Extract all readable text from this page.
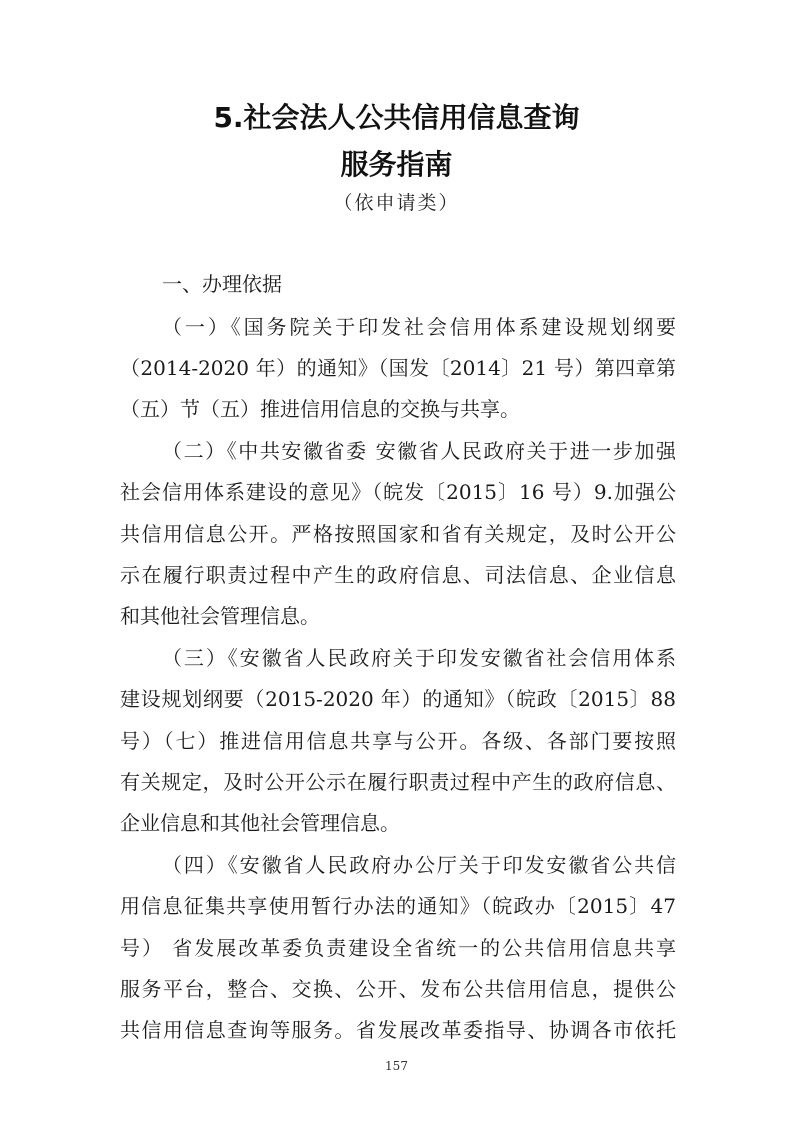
5.社会法人公共信用信息查询
服务指南
（依申请类）
一、办理依据
（一）《国务院关于印发社会信用体系建设规划纲要
（2014-2020 年）的通知》（国发〔2014〕21 号）第四章第
（五）节（五）推进信用信息的交换与共享。
（二）《中共安徽省委 安徽省人民政府关于进一步加强
社会信用体系建设的意见》（皖发〔2015〕16 号）9.加强公
共信用信息公开。严格按照国家和省有关规定，及时公开公
示在履行职责过程中产生的政府信息、司法信息、企业信息
和其他社会管理信息。
（三）《安徽省人民政府关于印发安徽省社会信用体系
建设规划纲要（2015-2020 年）的通知》（皖政〔2015〕88
号）（七）推进信用信息共享与公开。各级、各部门要按照
有关规定，及时公开公示在履行职责过程中产生的政府信息、
企业信息和其他社会管理信息。
（四）《安徽省人民政府办公厅关于印发安徽省公共信
用信息征集共享使用暂行办法的通知》（皖政办〔2015〕47
号） 省发展改革委负责建设全省统一的公共信用信息共享
服务平台，整合、交换、公开、发布公共信用信息，提供公
共信用信息查询等服务。省发展改革委指导、协调各市依托
157
